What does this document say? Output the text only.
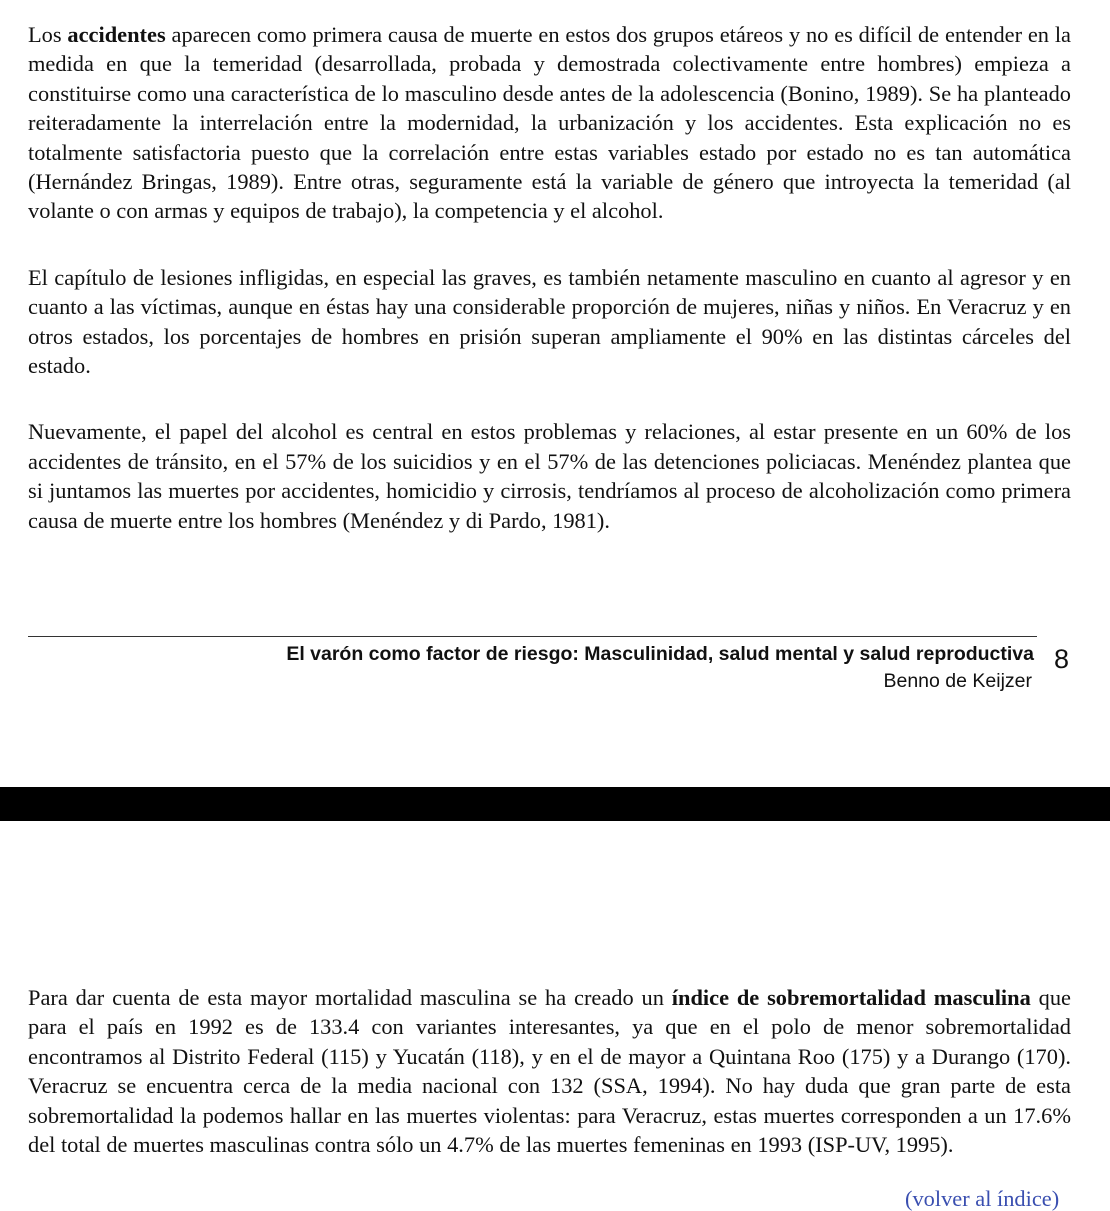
Los accidentes aparecen como primera causa de muerte en estos dos grupos etáreos y no es difícil de entender en la medida en que la temeridad (desarrollada, probada y demostrada colectivamente entre hombres) empieza a constituirse como una característica de lo masculino desde antes de la adolescencia (Bonino, 1989). Se ha planteado reiteradamente la interrelación entre la modernidad, la urbanización y los accidentes. Esta explicación no es totalmente satisfactoria puesto que la correlación entre estas variables estado por estado no es tan automática (Hernández Bringas, 1989). Entre otras, seguramente está la variable de género que introyecta la temeridad (al volante o con armas y equipos de trabajo), la competencia y el alcohol.

El capítulo de lesiones infligidas, en especial las graves, es también netamente masculino en cuanto al agresor y en cuanto a las víctimas, aunque en éstas hay una considerable proporción de mujeres, niñas y niños. En Veracruz y en otros estados, los porcentajes de hombres en prisión superan ampliamente el 90% en las distintas cárceles del estado.

Nuevamente, el papel del alcohol es central en estos problemas y relaciones, al estar presente en un 60% de los accidentes de tránsito, en el 57% de los suicidios y en el 57% de las detenciones policiacas. Menéndez plantea que si juntamos las muertes por accidentes, homicidio y cirrosis, tendríamos al proceso de alcoholización como primera causa de muerte entre los hombres (Menéndez y di Pardo, 1981).

El varón como factor de riesgo: Masculinidad, salud mental y salud reproductiva
Benno de Keijzer
8

Para dar cuenta de esta mayor mortalidad masculina se ha creado un índice de sobremortalidad masculina que para el país en 1992 es de 133.4 con variantes interesantes, ya que en el polo de menor sobremortalidad encontramos al Distrito Federal (115) y Yucatán (118), y en el de mayor a Quintana Roo (175) y a Durango (170). Veracruz se encuentra cerca de la media nacional con 132 (SSA, 1994). No hay duda que gran parte de esta sobremortalidad la podemos hallar en las muertes violentas: para Veracruz, estas muertes corresponden a un 17.6% del total de muertes masculinas contra sólo un 4.7% de las muertes femeninas en 1993 (ISP-UV, 1995).

(volver al índice)
